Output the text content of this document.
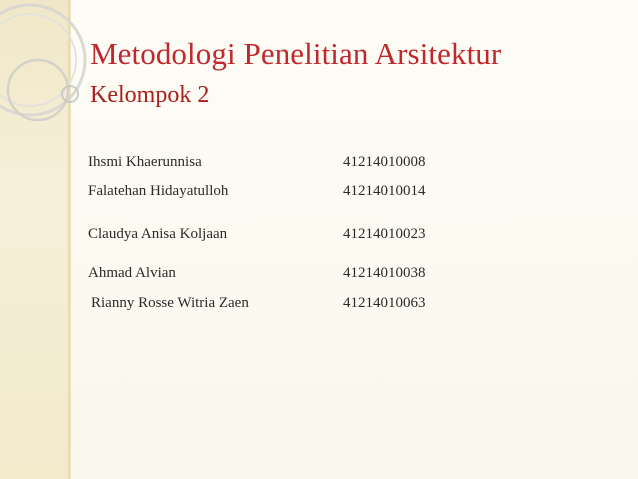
Metodologi Penelitian Arsitektur
Kelompok 2
Ihsmi Khaerunnisa	41214010008
Falatehan Hidayatulloh	41214010014
Claudya Anisa Koljaan	41214010023
Ahmad Alvian	41214010038
Rianny Rosse Witria Zaen	41214010063
